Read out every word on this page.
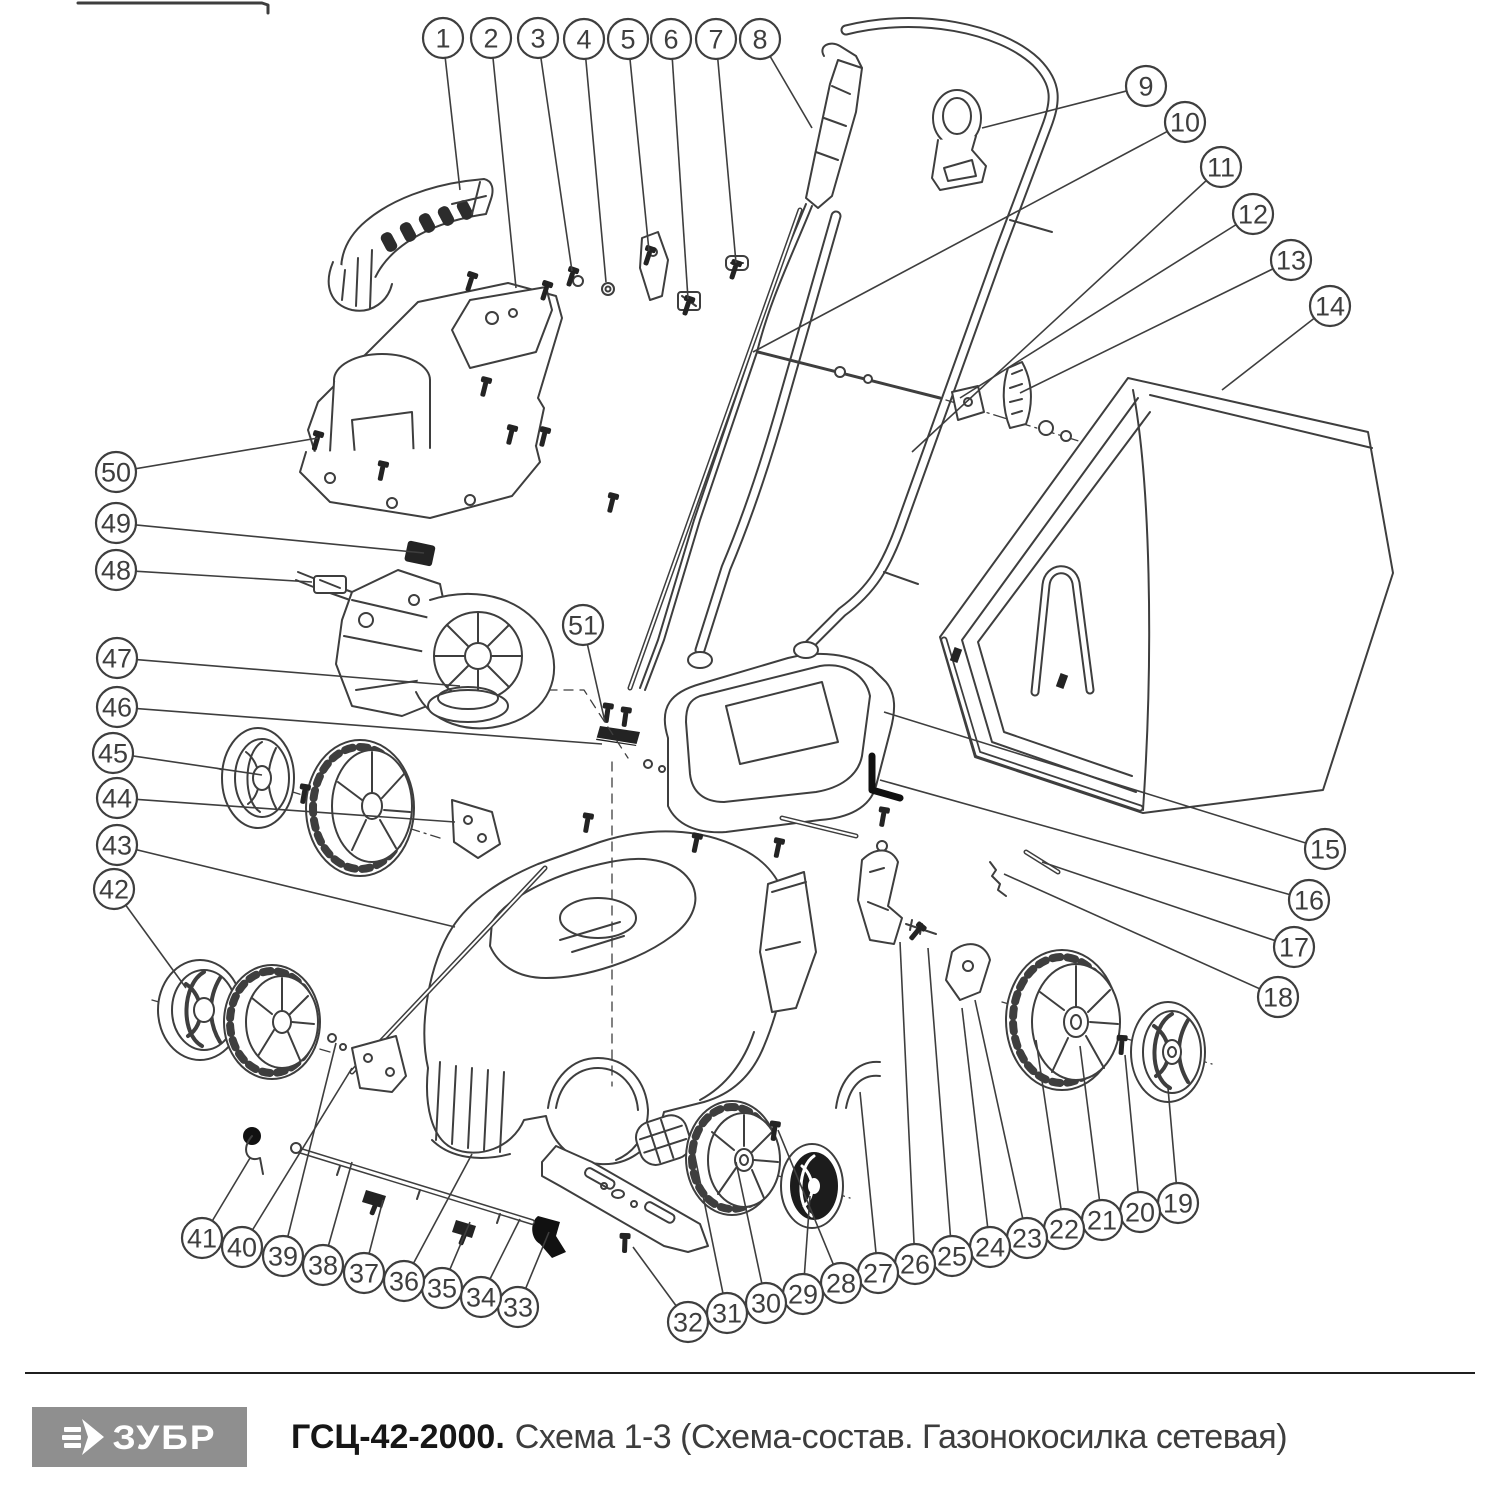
1 2 3 4 5 6 7 8
9
10
11
12
13
14
15
16
17
18
19
20
21
22
23
24
25
26
27
28
29
30
31
32
33
34
35
36
37
38
39
40
41
42
43
44
45
46
47
48
49
50
51
ЗУБР ГСЦ-42-2000. Схема 1-3 (Схема-состав. Газонокосилка сетевая)
